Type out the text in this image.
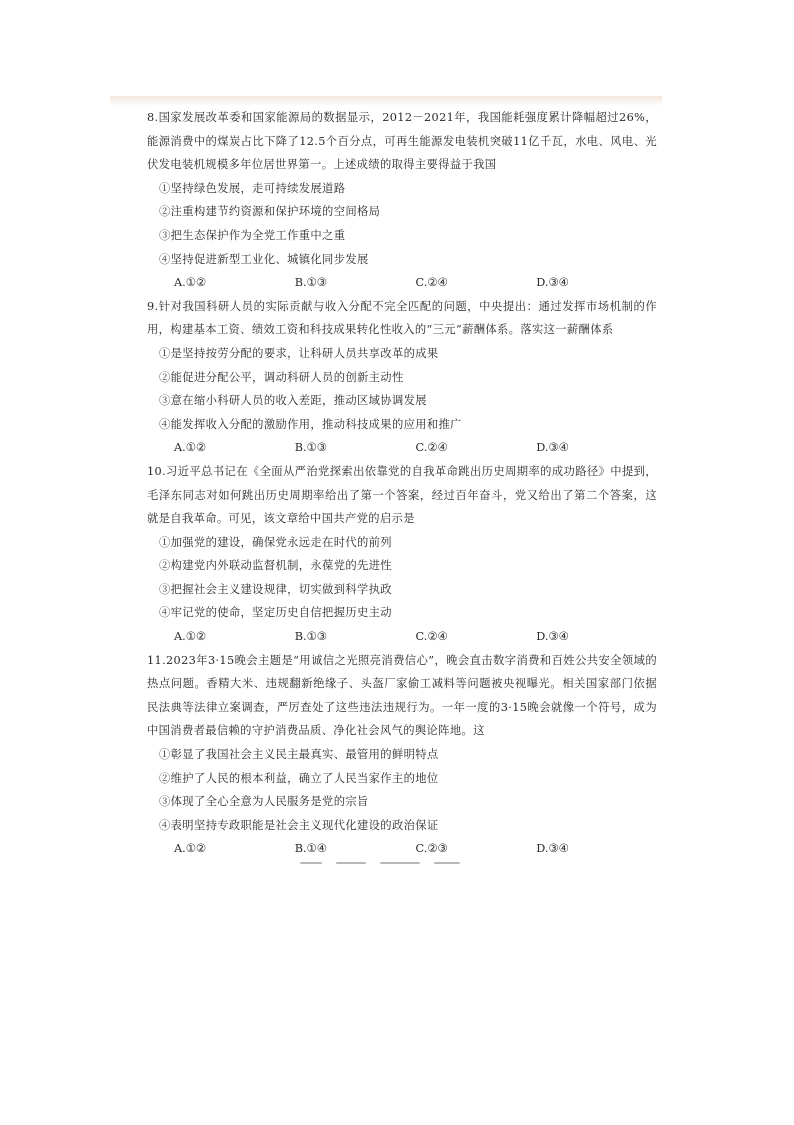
8.国家发展改革委和国家能源局的数据显示，2012－2021年，我国能耗强度累计降幅超过26%，能源消费中的煤炭占比下降了12.5个百分点，可再生能源发电装机突破11亿千瓦，水电、风电、光伏发电装机规模多年位居世界第一。上述成绩的取得主要得益于我国

①坚持绿色发展，走可持续发展道路

②注重构建节约资源和保护环境的空间格局

③把生态保护作为全党工作重中之重

④坚持促进新型工业化、城镇化同步发展

A.①②	B.①③	C.②④	D.③④

9.针对我国科研人员的实际贡献与收入分配不完全匹配的问题，中央提出：通过发挥市场机制的作用，构建基本工资、绩效工资和科技成果转化性收入的“三元”薪酬体系。落实这一薪酬体系

①是坚持按劳分配的要求，让科研人员共享改革的成果

②能促进分配公平，调动科研人员的创新主动性

③意在缩小科研人员的收入差距，推动区域协调发展

④能发挥收入分配的激励作用，推动科技成果的应用和推广

A.①②	B.①③	C.②④	D.③④

10.习近平总书记在《全面从严治党探索出依靠党的自我革命跳出历史周期率的成功路径》中提到，毛泽东同志对如何跳出历史周期率给出了第一个答案，经过百年奋斗，党又给出了第二个答案，这就是自我革命。可见，该文章给中国共产党的启示是

①加强党的建设，确保党永远走在时代的前列

②构建党内外联动监督机制，永葆党的先进性

③把握社会主义建设规律，切实做到科学执政

④牢记党的使命，坚定历史自信把握历史主动

A.①②	B.①③	C.②④	D.③④

11.2023年3·15晚会主题是“用诚信之光照亮消费信心”，晚会直击数字消费和百姓公共安全领域的热点问题。香精大米、违规翻新绝缘子、头盔厂家偷工减料等问题被央视曝光。相关国家部门依据民法典等法律立案调查，严厉查处了这些违法违规行为。一年一度的3·15晚会就像一个符号，成为中国消费者最信赖的守护消费品质、净化社会风气的舆论阵地。这

①彰显了我国社会主义民主最真实、最管用的鲜明特点

②维护了人民的根本利益，确立了人民当家作主的地位

③体现了全心全意为人民服务是党的宗旨

④表明坚持专政职能是社会主义现代化建设的政治保证

A.①②	B.①④	C.②③	D.③④
